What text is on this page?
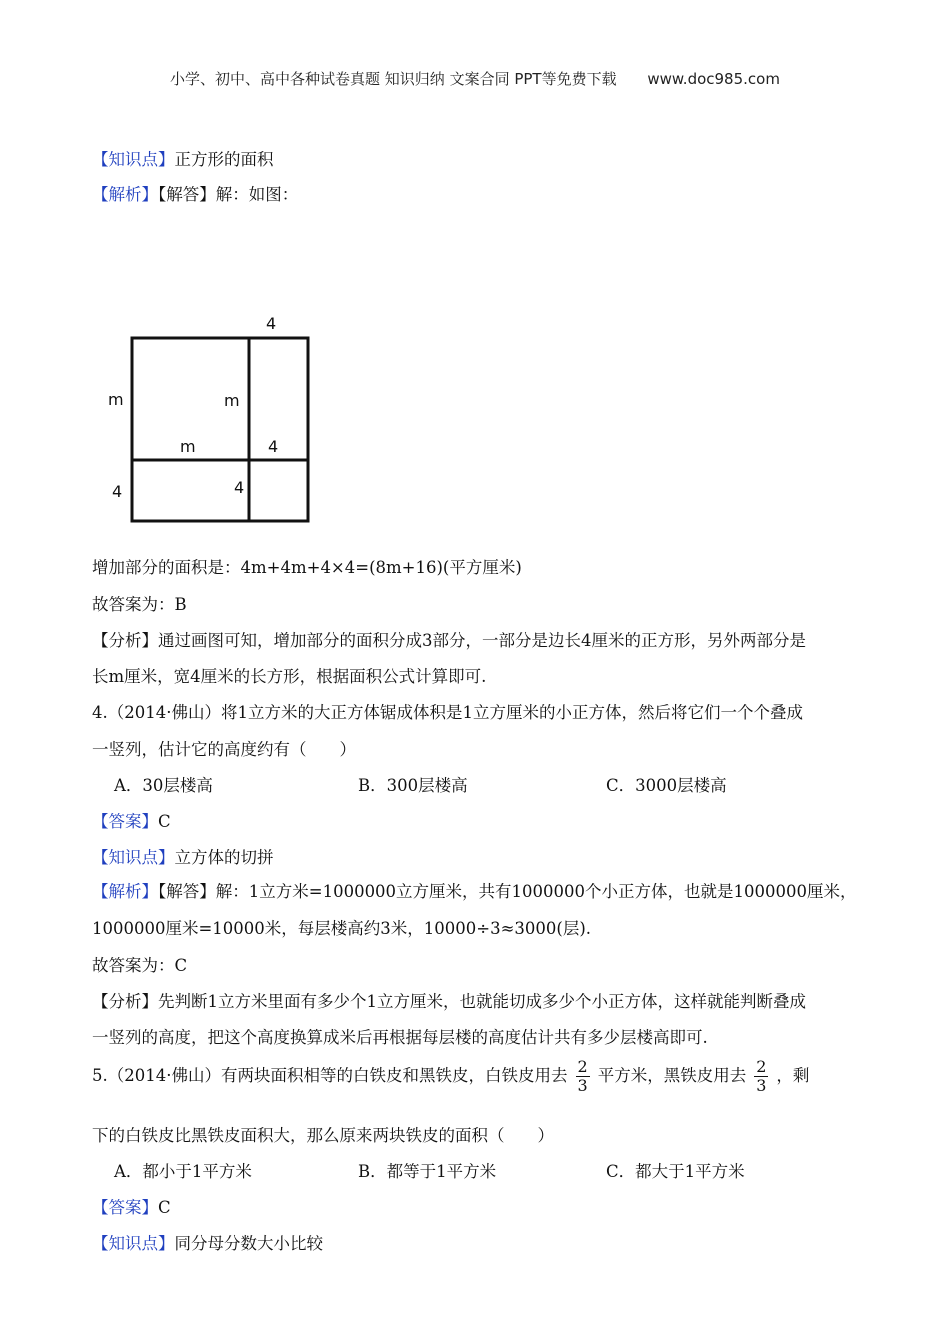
小学、初中、高中各种试卷真题 知识归纳 文案合同 PPT等免费下载 www.doc985.com
【知识点】正方形的面积
【解析】【解答】解：如图：
4
m	m
m	4
4	4
增加部分的面积是：4m+4m+4×4=(8m+16)(平方厘米)
故答案为：B
【分析】通过画图可知，增加部分的面积分成3部分，一部分是边长4厘米的正方形，另外两部分是
长m厘米，宽4厘米的长方形，根据面积公式计算即可.
4.（2014·佛山）将1立方米的大正方体锯成体积是1立方厘米的小正方体，然后将它们一个个叠成
一竖列，估计它的高度约有（　　）
A．30层楼高	B．300层楼高	C．3000层楼高
【答案】C
【知识点】立方体的切拼
【解析】【解答】解：1立方米=1000000立方厘米，共有1000000个小正方体，也就是1000000厘米，
1000000厘米=10000米，每层楼高约3米，10000÷3≈3000(层).
故答案为：C
【分析】先判断1立方米里面有多少个1立方厘米，也就能切成多少个小正方体，这样就能判断叠成
一竖列的高度，把这个高度换算成米后再根据每层楼的高度估计共有多少层楼高即可.
5.（2014·佛山）有两块面积相等的白铁皮和黑铁皮，白铁皮用去 $\frac{2}{3}$ 平方米，黑铁皮用去 $\frac{2}{3}$ ，剩
下的白铁皮比黑铁皮面积大，那么原来两块铁皮的面积（　　）
A．都小于1平方米	B．都等于1平方米	C．都大于1平方米
【答案】C
【知识点】同分母分数大小比较
